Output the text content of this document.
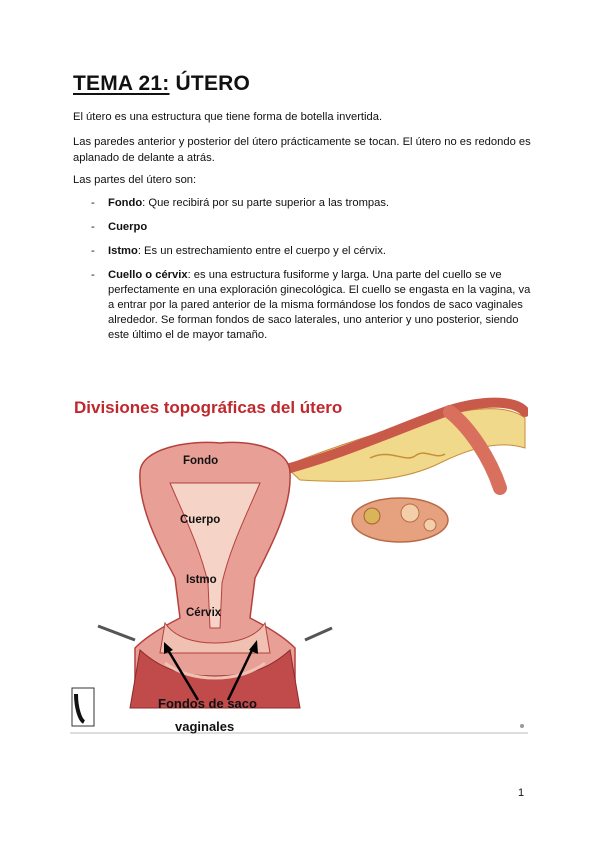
TEMA 21: ÚTERO

El útero es una estructura que tiene forma de botella invertida.

Las paredes anterior y posterior del útero prácticamente se tocan. El útero no es redondo es aplanado de delante a atrás.

Las partes del útero son:

- Fondo: Que recibirá por su parte superior a las trompas.
- Cuerpo
- Istmo: Es un estrechamiento entre el cuerpo y el cérvix.
- Cuello o cérvix: es una estructura fusiforme y larga. Una parte del cuello se ve perfectamente en una exploración ginecológica. El cuello se engasta en la vagina, va a entrar por la pared anterior de la misma formándose los fondos de saco vaginales alrededor. Se forman fondos de saco laterales, uno anterior y uno posterior, siendo este último el de mayor tamaño.
Divisiones topográficas del útero
Fondo
Cuerpo
Istmo
Cérvix
Fondos de saco
vaginales
1
